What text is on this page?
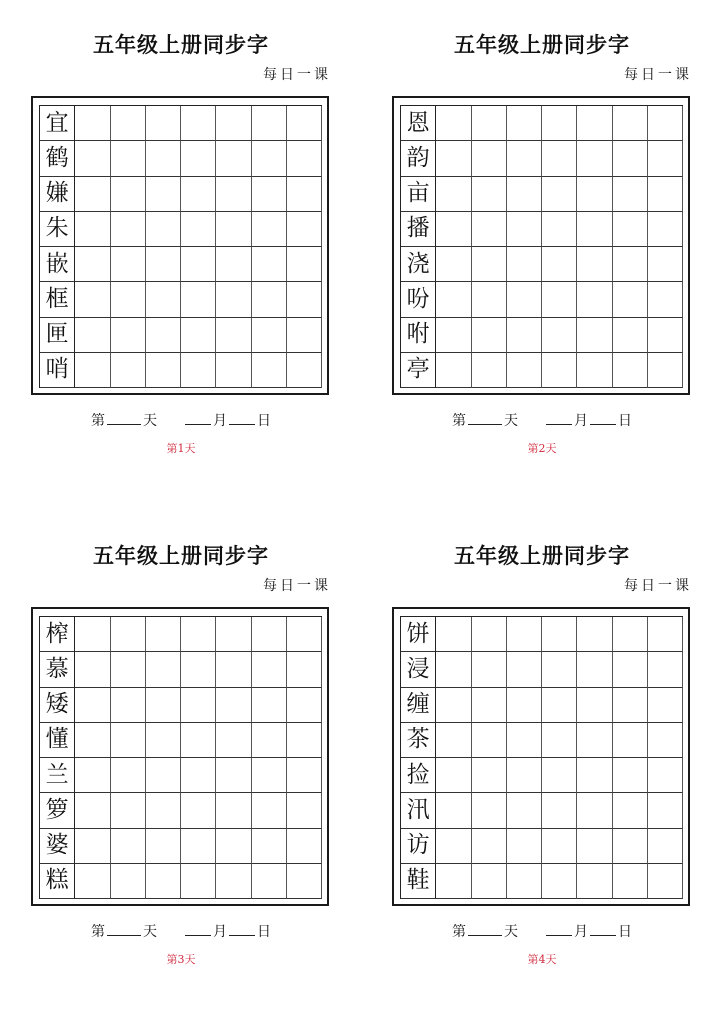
五年级上册同步字
每日一课
宜
鹤
嫌
朱
嵌
框
匣
哨
第	天	月 日
第1天
五年级上册同步字
每日一课
恩
韵
亩
播
浇
吩
咐
亭
第	天	月 日
第2天
五年级上册同步字
每日一课
榨
慕
矮
懂
兰
箩
婆
糕
第	天	月 日
第3天
五年级上册同步字
每日一课
饼
浸
缠
茶
捡
汛
访
鞋
第	天	月 日
第4天
